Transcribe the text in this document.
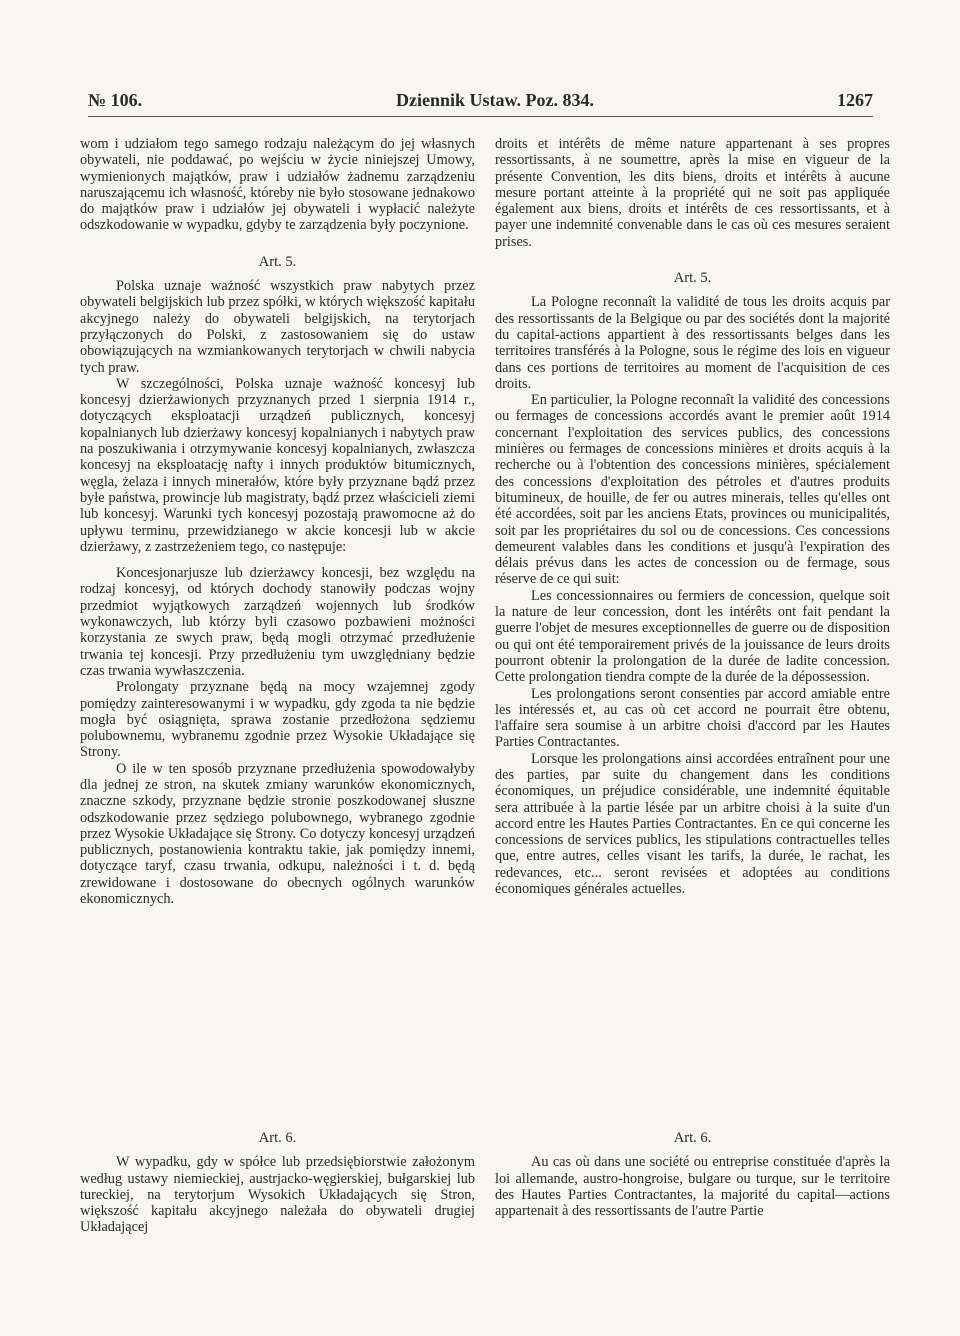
№ 106.	Dziennik Ustaw. Poz. 834.	1267

wom i udziałom tego samego rodzaju należącym do jej własnych obywateli, nie poddawać, po wejściu w życie niniejszej Umowy, wymienionych majątków, praw i udziałów żadnemu zarządzeniu naruszającemu ich własność, któreby nie było stosowane jednakowo do majątków praw i udziałów jej obywateli i wypłacić należyte odszkodowanie w wypadku, gdyby te zarządzenia były poczynione.

Art. 5.

Polska uznaje ważność wszystkich praw nabytych przez obywateli belgijskich lub przez spółki, w których większość kapitału akcyjnego należy do obywateli belgijskich, na terytorjach przyłączonych do Polski, z zastosowaniem się do ustaw obowiązujących na wzmiankowanych terytorjach w chwili nabycia tych praw.

W szczególności, Polska uznaje ważność koncesyj lub koncesyj dzierżawionych przyznanych przed 1 sierpnia 1914 r., dotyczących eksploatacji urządzeń publicznych, koncesyj kopalnianych lub dzierżawy koncesyj kopalnianych i nabytych praw na poszukiwania i otrzymywanie koncesyj kopalnianych, zwłaszcza koncesyj na eksploatację nafty i innych produktów bitumicznych, węgla, żelaza i innych minerałów, które były przyznane bądź przez byłe państwa, prowincje lub magistraty, bądź przez właścicieli ziemi lub koncesyj. Warunki tych koncesyj pozostają prawomocne aż do upływu terminu, przewidzianego w akcie koncesji lub w akcie dzierżawy, z zastrzeżeniem tego, co następuje:

Koncesjonarjusze lub dzierżawcy koncesji, bez względu na rodzaj koncesyj, od których dochody stanowiły podczas wojny przedmiot wyjątkowych zarządzeń wojennych lub środków wykonawczych, lub którzy byli czasowo pozbawieni możności korzystania ze swych praw, będą mogli otrzymać przedłużenie trwania tej koncesji. Przy przedłużeniu tym uwzględniany będzie czas trwania wywłaszczenia.

Prolongaty przyznane będą na mocy wzajemnej zgody pomiędzy zainteresowanymi i w wypadku, gdy zgoda ta nie będzie mogła być osiągnięta, sprawa zostanie przedłożona sędziemu polubownemu, wybranemu zgodnie przez Wysokie Układające się Strony.

O ile w ten sposób przyznane przedłużenia spowodowałyby dla jednej ze stron, na skutek zmiany warunków ekonomicznych, znaczne szkody, przyznane będzie stronie poszkodowanej słuszne odszkodowanie przez sędziego polubownego, wybranego zgodnie przez Wysokie Układające się Strony. Co dotyczy koncesyj urządzeń publicznych, postanowienia kontraktu takie, jak pomiędzy innemi, dotyczące taryf, czasu trwania, odkupu, należności i t. d. będą zrewidowane i dostosowane do obecnych ogólnych warunków ekonomicznych.

droits et intérêts de même nature appartenant à ses propres ressortissants, à ne soumettre, après la mise en vigueur de la présente Convention, les dits biens, droits et intérêts à aucune mesure portant atteinte à la propriété qui ne soit pas appliquée également aux biens, droits et intérêts de ces ressortissants, et à payer une indemnité convenable dans le cas où ces mesures seraient prises.

Art. 5.

La Pologne reconnaît la validité de tous les droits acquis par des ressortissants de la Belgique ou par des sociétés dont la majorité du capital-actions appartient à des ressortissants belges dans les territoires transférés à la Pologne, sous le régime des lois en vigueur dans ces portions de territoires au moment de l'acquisition de ces droits.

En particulier, la Pologne reconnaît la validité des concessions ou fermages de concessions accordés avant le premier août 1914 concernant l'exploitation des services publics, des concessions minières ou fermages de concessions minières et droits acquis à la recherche ou à l'obtention des concessions minières, spécialement des concessions d'exploitation des pétroles et d'autres produits bitumineux, de houille, de fer ou autres minerais, telles qu'elles ont été accordées, soit par les anciens Etats, provinces ou municipalités, soit par les propriétaires du sol ou de concessions. Ces concessions demeurent valables dans les conditions et jusqu'à l'expiration des délais prévus dans les actes de concession ou de fermage, sous réserve de ce qui suit:

Les concessionnaires ou fermiers de concession, quelque soit la nature de leur concession, dont les intérêts ont fait pendant la guerre l'objet de mesures exceptionnelles de guerre ou de disposition ou qui ont été temporairement privés de la jouissance de leurs droits pourront obtenir la prolongation de la durée de ladite concession. Cette prolongation tiendra compte de la durée de la dépossession.

Les prolongations seront consenties par accord amiable entre les intéressés et, au cas où cet accord ne pourrait être obtenu, l'affaire sera soumise à un arbitre choisi d'accord par les Hautes Parties Contractantes.

Lorsque les prolongations ainsi accordées entraînent pour une des parties, par suite du changement dans les conditions économiques, un préjudice considérable, une indemnité équitable sera attribuée à la partie lésée par un arbitre choisi à la suite d'un accord entre les Hautes Parties Contractantes. En ce qui concerne les concessions de services publics, les stipulations contractuelles telles que, entre autres, celles visant les tarifs, la durée, le rachat, les redevances, etc... seront revisées et adoptées au conditions économiques générales actuelles.

Art. 6.

W wypadku, gdy w spółce lub przedsiębiorstwie założonym według ustawy niemieckiej, austrjacko-węgierskiej, bułgarskiej lub tureckiej, na terytorjum Wysokich Układających się Stron, większość kapitału akcyjnego należała do obywateli drugiej Układającej

Art. 6.

Au cas où dans une société ou entreprise constituée d'après la loi allemande, austro-hongroise, bulgare ou turque, sur le territoire des Hautes Parties Contractantes, la majorité du capital—actions appartenait à des ressortissants de l'autre Partie
